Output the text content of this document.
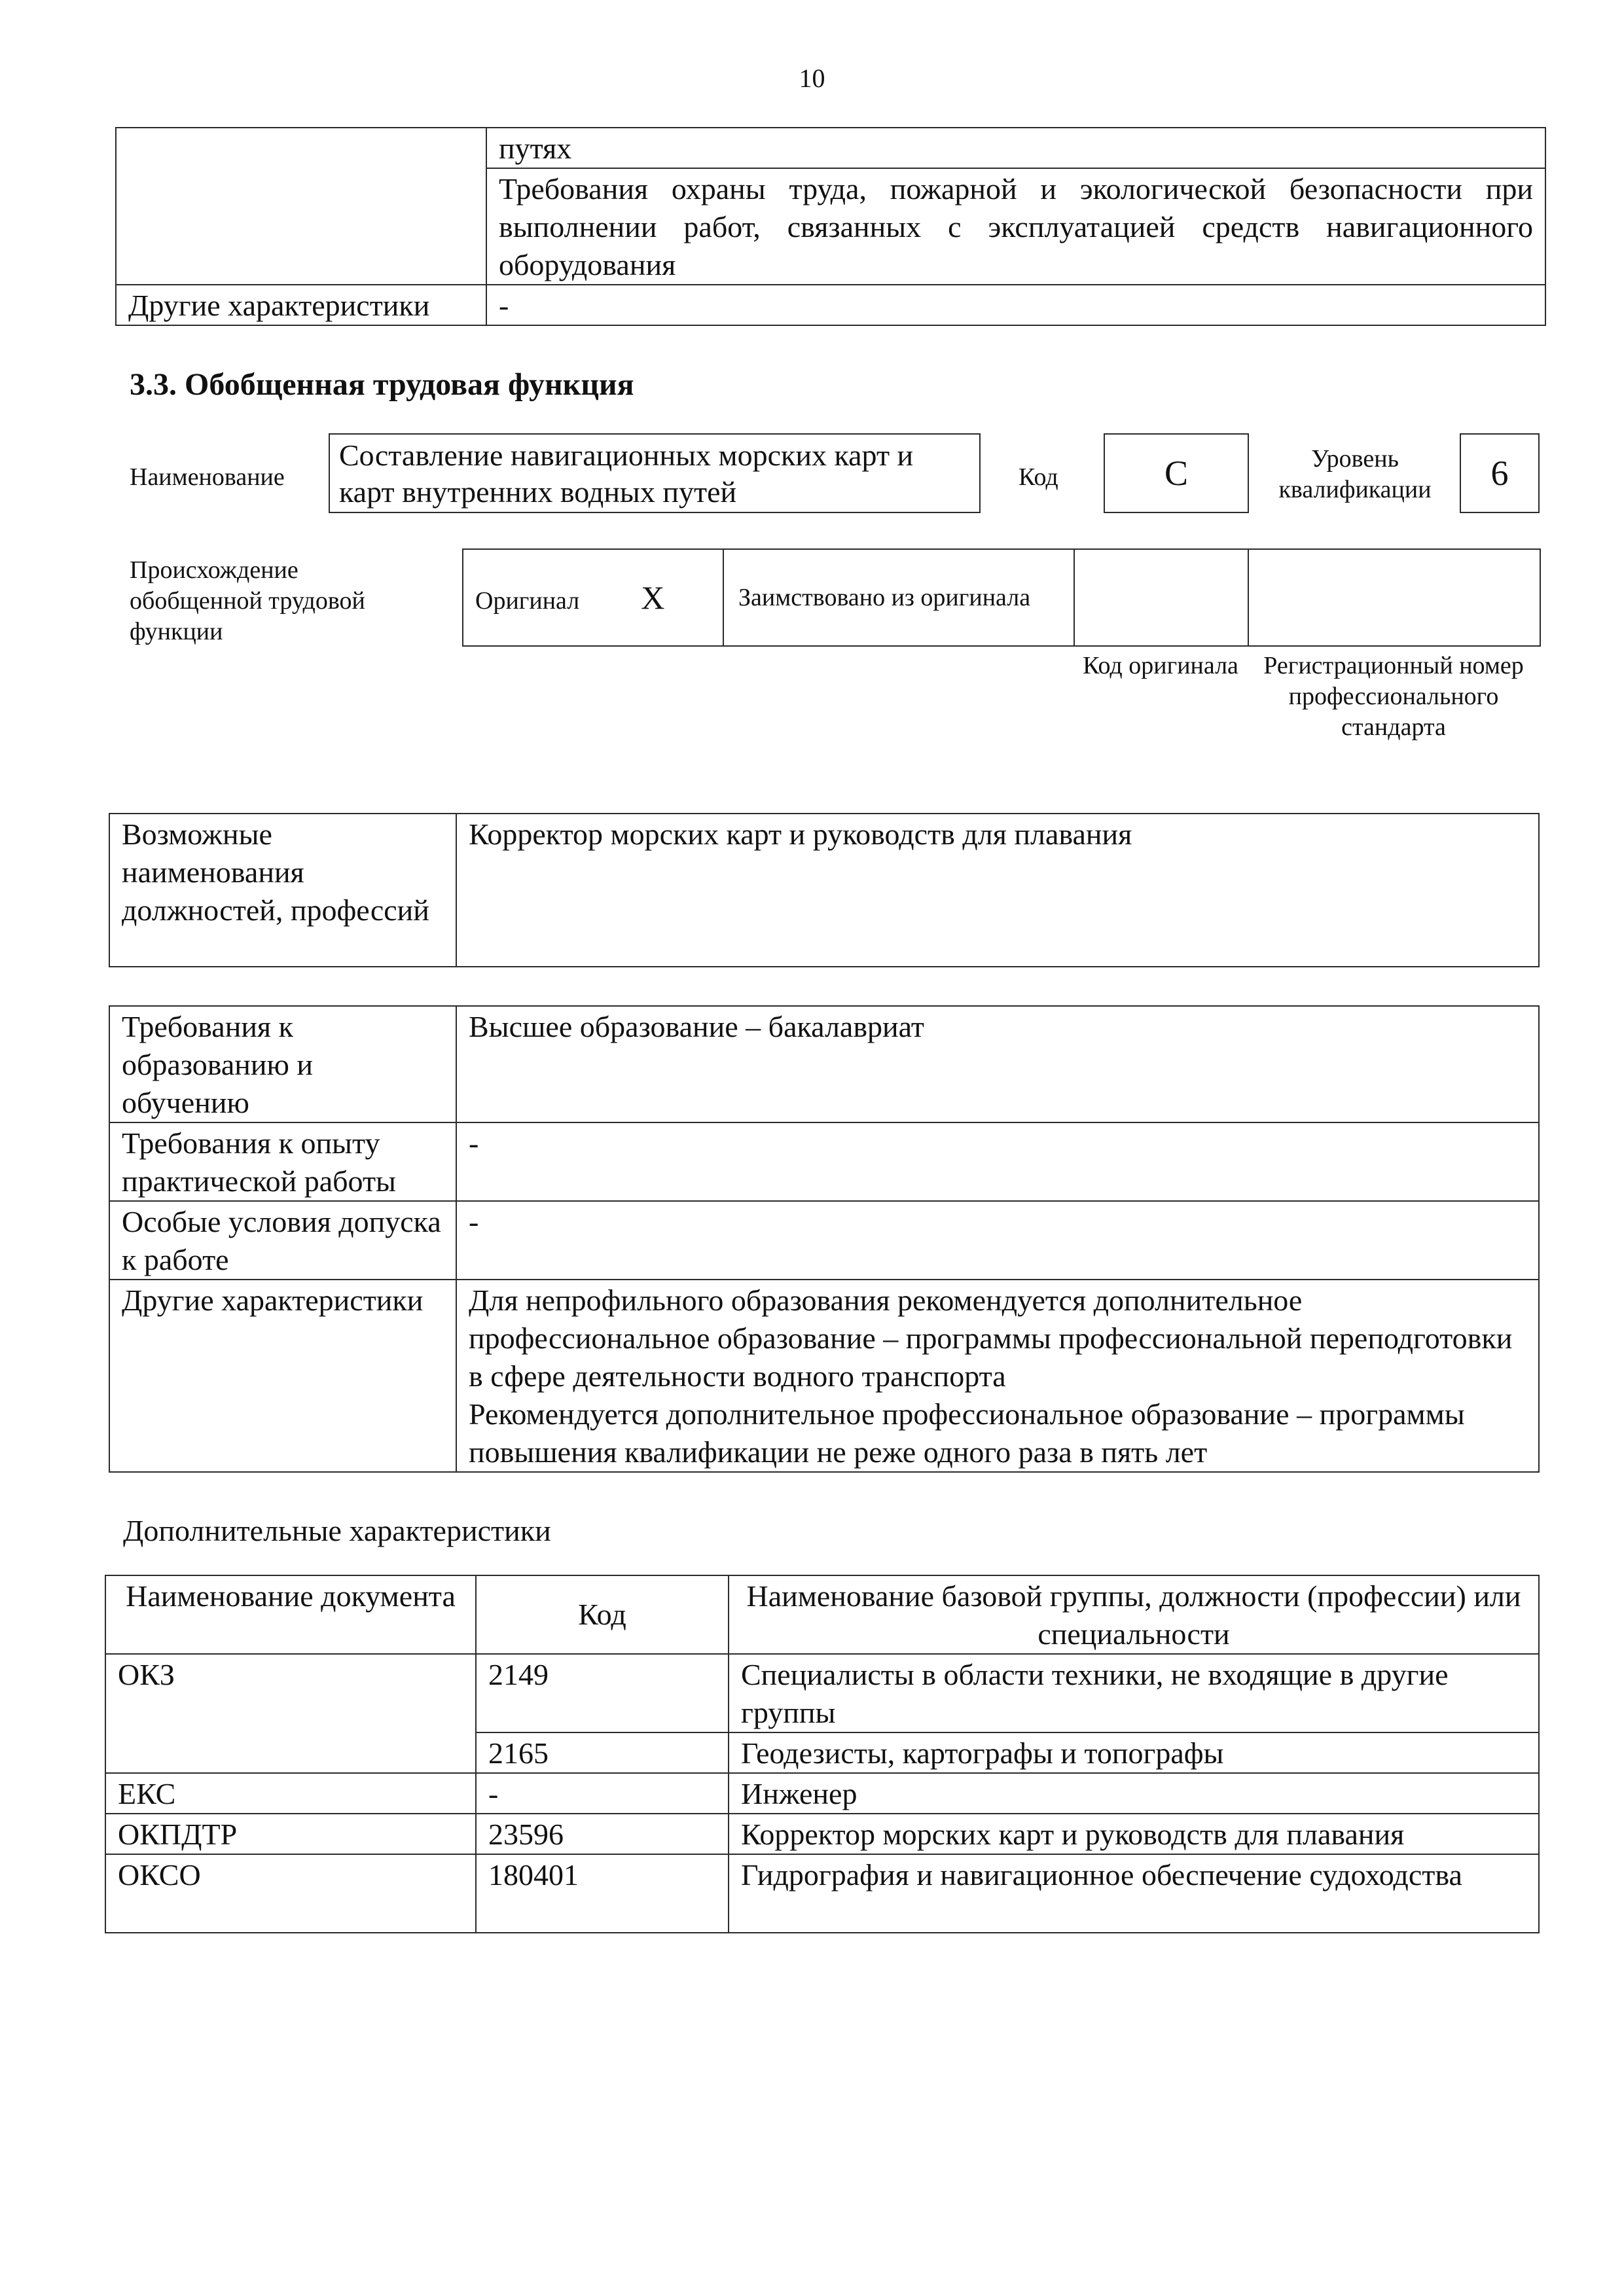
10
	путях
	Требования охраны труда, пожарной и экологической безопасности при выполнении работ, связанных с эксплуатацией средств навигационного оборудования
Другие характеристики	-
3.3. Обобщенная трудовая функция
Наименование
Составление навигационных морских карт и карт внутренних водных путей	Код	C	Уровень квалификации 6
Происхождение обобщенной трудовой функции
Оригинал X	Заимствовано из оригинала		
Код оригинала	Регистрационный номер профессионального стандарта
Возможные наименования должностей, профессий	Корректор морских карт и руководств для плавания
Требования к образованию и обучению	Высшее образование – бакалавриат
Требования к опыту практической работы	-
Особые условия допуска к работе	-
Другие характеристики	Для непрофильного образования рекомендуется дополнительное профессиональное образование – программы профессиональной переподготовки в сфере деятельности водного транспорта
Рекомендуется дополнительное профессиональное образование – программы повышения квалификации не реже одного раза в пять лет
Дополнительные характеристики
Наименование документа	Код	Наименование базовой группы, должности (профессии) или специальности
ОКЗ	2149	Специалисты в области техники, не входящие в другие группы
	2165	Геодезисты, картографы и топографы
ЕКС	-	Инженер
ОКПДТР	23596	Корректор морских карт и руководств для плавания
ОКСО	180401	Гидрография и навигационное обеспечение судоходства
